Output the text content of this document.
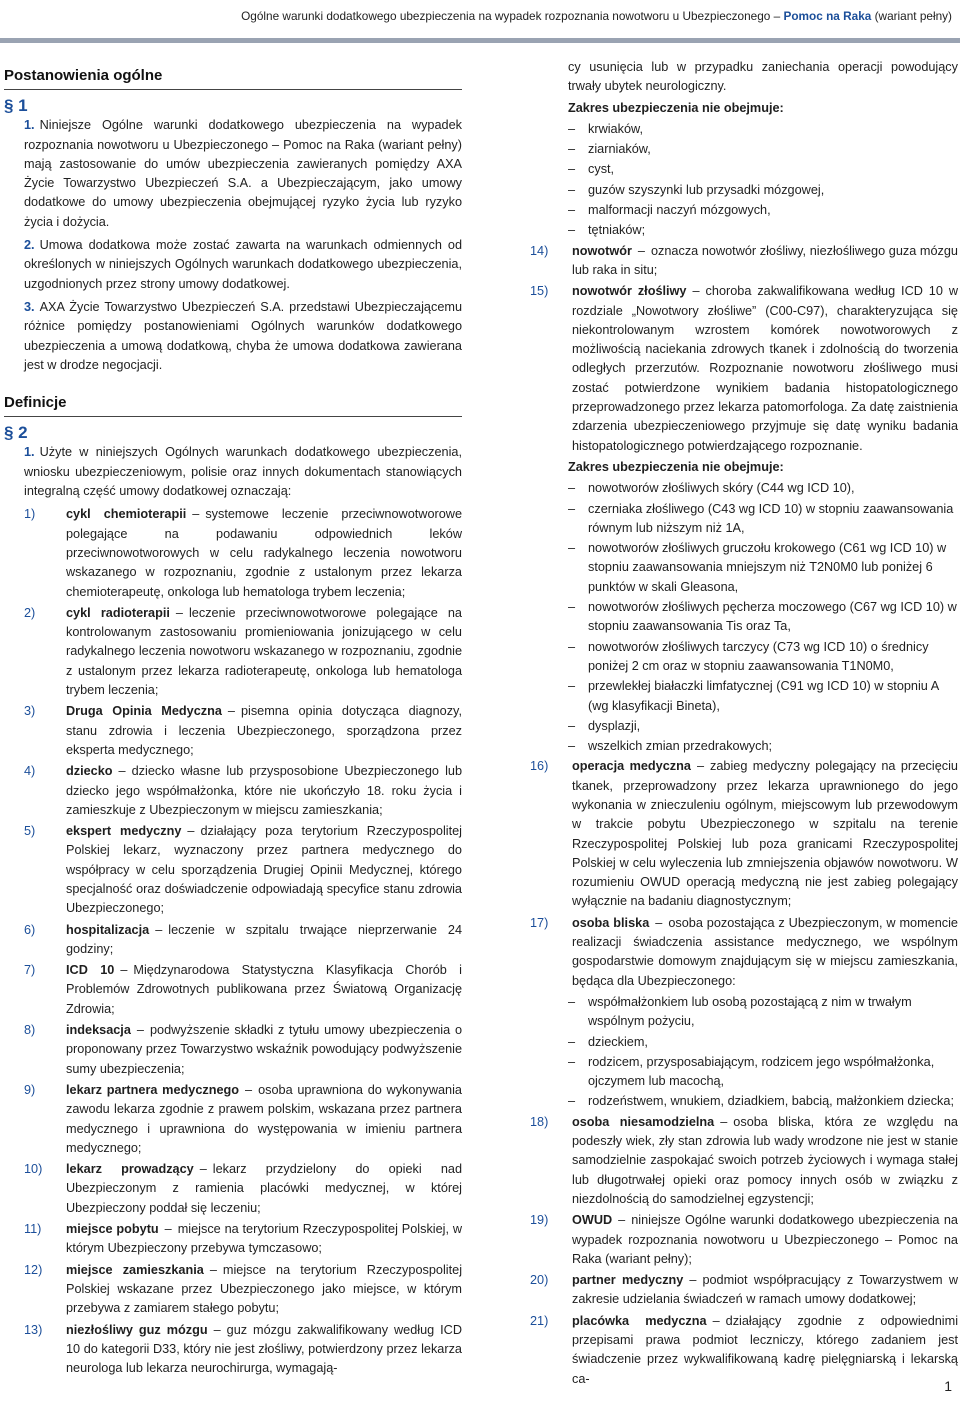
Ogólne warunki dodatkowego ubezpieczenia na wypadek rozpoznania nowotworu u Ubezpieczonego – Pomoc na Raka (wariant pełny)
Postanowienia ogólne
§ 1
1. Niniejsze Ogólne warunki dodatkowego ubezpieczenia na wypadek rozpoznania nowotworu u Ubezpieczonego – Pomoc na Raka (wariant pełny) mają zastosowanie do umów ubezpieczenia zawieranych pomiędzy AXA Życie Towarzystwo Ubezpieczeń S.A. a Ubezpieczającym, jako umowy dodatkowe do umowy ubezpieczenia obejmującej ryzyko życia lub ryzyko życia i dożycia.
2. Umowa dodatkowa może zostać zawarta na warunkach odmiennych od określonych w niniejszych Ogólnych warunkach dodatkowego ubezpieczenia, uzgodnionych przez strony umowy dodatkowej.
3. AXA Życie Towarzystwo Ubezpieczeń S.A. przedstawi Ubezpieczającemu różnice pomiędzy postanowieniami Ogólnych warunków dodatkowego ubezpieczenia a umową dodatkową, chyba że umowa dodatkowa zawierana jest w drodze negocjacji.
Definicje
§ 2
1. Użyte w niniejszych Ogólnych warunkach dodatkowego ubezpieczenia, wniosku ubezpieczeniowym, polisie oraz innych dokumentach stanowiących integralną część umowy dodatkowej oznaczają:
1)	cykl chemioterapii – systemowe leczenie przeciwnowotworowe polegające na podawaniu odpowiednich leków przeciwnowotworowych w celu radykalnego leczenia nowotworu wskazanego w rozpoznaniu, zgodnie z ustalonym przez lekarza chemioterapeutę, onkologa lub hematologa trybem leczenia;
2)	cykl radioterapii – leczenie przeciwnowotworowe polegające na kontrolowanym zastosowaniu promieniowania jonizującego w celu radykalnego leczenia nowotworu wskazanego w rozpoznaniu, zgodnie z ustalonym przez lekarza radioterapeutę, onkologa lub hematologa trybem leczenia;
3)	Druga Opinia Medyczna – pisemna opinia dotycząca diagnozy, stanu zdrowia i leczenia Ubezpieczonego, sporządzona przez eksperta medycznego;
4)	dziecko – dziecko własne lub przysposobione Ubezpieczonego lub dziecko jego współmałżonka, które nie ukończyło 18. roku życia i zamieszkuje z Ubezpieczonym w miejscu zamieszkania;
5)	ekspert medyczny – działający poza terytorium Rzeczypospolitej Polskiej lekarz, wyznaczony przez partnera medycznego do współpracy w celu sporządzenia Drugiej Opinii Medycznej, którego specjalność oraz doświadczenie odpowiadają specyfice stanu zdrowia Ubezpieczonego;
6)	hospitalizacja – leczenie w szpitalu trwające nieprzerwanie 24 godziny;
7)	ICD 10 – Międzynarodowa Statystyczna Klasyfikacja Chorób i Problemów Zdrowotnych publikowana przez Światową Organizację Zdrowia;
8)	indeksacja – podwyższenie składki z tytułu umowy ubezpieczenia o proponowany przez Towarzystwo wskaźnik powodujący podwyższenie sumy ubezpieczenia;
9)	lekarz partnera medycznego – osoba uprawniona do wykonywania zawodu lekarza zgodnie z prawem polskim, wskazana przez partnera medycznego i uprawniona do występowania w imieniu partnera medycznego;
10)	lekarz prowadzący – lekarz przydzielony do opieki nad Ubezpieczonym z ramienia placówki medycznej, w której Ubezpieczony poddał się leczeniu;
11)	miejsce pobytu – miejsce na terytorium Rzeczypospolitej Polskiej, w którym Ubezpieczony przebywa tymczasowo;
12)	miejsce zamieszkania – miejsce na terytorium Rzeczypospolitej Polskiej wskazane przez Ubezpieczonego jako miejsce, w którym przebywa z zamiarem stałego pobytu;
13)	niezłośliwy guz mózgu – guz mózgu zakwalifikowany według ICD 10 do kategorii D33, który nie jest złośliwy, potwierdzony przez lekarza neurologa lub lekarza neurochirurga, wymagają-
cy usunięcia lub w przypadku zaniechania operacji powodujący trwały ubytek neurologiczny.
Zakres ubezpieczenia nie obejmuje:
–	krwiaków,
–	ziarniaków,
–	cyst,
–	guzów szyszynki lub przysadki mózgowej,
–	malformacji naczyń mózgowych,
–	tętniaków;
14)	nowotwór – oznacza nowotwór złośliwy, niezłośliwego guza mózgu lub raka in situ;
15)	nowotwór złośliwy – choroba zakwalifikowana według ICD 10 w rozdziale „Nowotwory złośliwe” (C00-C97), charakteryzująca się niekontrolowanym wzrostem komórek nowotworowych z możliwością naciekania zdrowych tkanek i zdolnością do tworzenia odległych przerzutów. Rozpoznanie nowotworu złośliwego musi zostać potwierdzone wynikiem badania histopatologicznego przeprowadzonego przez lekarza patomorfologa. Za datę zaistnienia zdarzenia ubezpieczeniowego przyjmuje się datę wyniku badania histopatologicznego potwierdzającego rozpoznanie.
Zakres ubezpieczenia nie obejmuje:
–	nowotworów złośliwych skóry (C44 wg ICD 10),
–	czerniaka złośliwego (C43 wg ICD 10) w stopniu zaawansowania równym lub niższym niż 1A,
–	nowotworów złośliwych gruczołu krokowego (C61 wg ICD 10) w stopniu zaawansowania mniejszym niż T2N0M0 lub poniżej 6 punktów w skali Gleasona,
–	nowotworów złośliwych pęcherza moczowego (C67 wg ICD 10) w stopniu zaawansowania Tis oraz Ta,
–	nowotworów złośliwych tarczycy (C73 wg ICD 10) o średnicy poniżej 2 cm oraz w stopniu zaawansowania T1N0M0,
–	przewlekłej białaczki limfatycznej (C91 wg ICD 10) w stopniu A (wg klasyfikacji Bineta),
–	dysplazji,
–	wszelkich zmian przedrakowych;
16)	operacja medyczna – zabieg medyczny polegający na przecięciu tkanek, przeprowadzony przez lekarza uprawnionego do jego wykonania w znieczuleniu ogólnym, miejscowym lub przewodowym w trakcie pobytu Ubezpieczonego w szpitalu na terenie Rzeczypospolitej Polskiej lub poza granicami Rzeczypospolitej Polskiej w celu wyleczenia lub zmniejszenia objawów nowotworu. W rozumieniu OWUD operacją medyczną nie jest zabieg polegający wyłącznie na badaniu diagnostycznym;
17)	osoba bliska – osoba pozostająca z Ubezpieczonym, w momencie realizacji świadczenia assistance medycznego, we wspólnym gospodarstwie domowym znajdującym się w miejscu zamieszkania, będąca dla Ubezpieczonego:
–	współmałżonkiem lub osobą pozostającą z nim w trwałym wspólnym pożyciu,
–	dzieckiem,
–	rodzicem, przysposabiającym, rodzicem jego współmałżonka, ojczymem lub macochą,
–	rodzeństwem, wnukiem, dziadkiem, babcią, małżonkiem dziecka;
18)	osoba niesamodzielna – osoba bliska, która ze względu na podeszły wiek, zły stan zdrowia lub wady wrodzone nie jest w stanie samodzielnie zaspokajać swoich potrzeb życiowych i wymaga stałej lub długotrwałej opieki oraz pomocy innych osób w związku z niezdolnością do samodzielnej egzystencji;
19)	OWUD – niniejsze Ogólne warunki dodatkowego ubezpieczenia na wypadek rozpoznania nowotworu u Ubezpieczonego – Pomoc na Raka (wariant pełny);
20)	partner medyczny – podmiot współpracujący z Towarzystwem w zakresie udzielania świadczeń w ramach umowy dodatkowej;
21)	placówka medyczna – działający zgodnie z odpowiednimi przepisami prawa podmiot leczniczy, którego zadaniem jest świadczenie przez wykwalifikowaną kadrę pielęgniarską i lekarską ca-	1
